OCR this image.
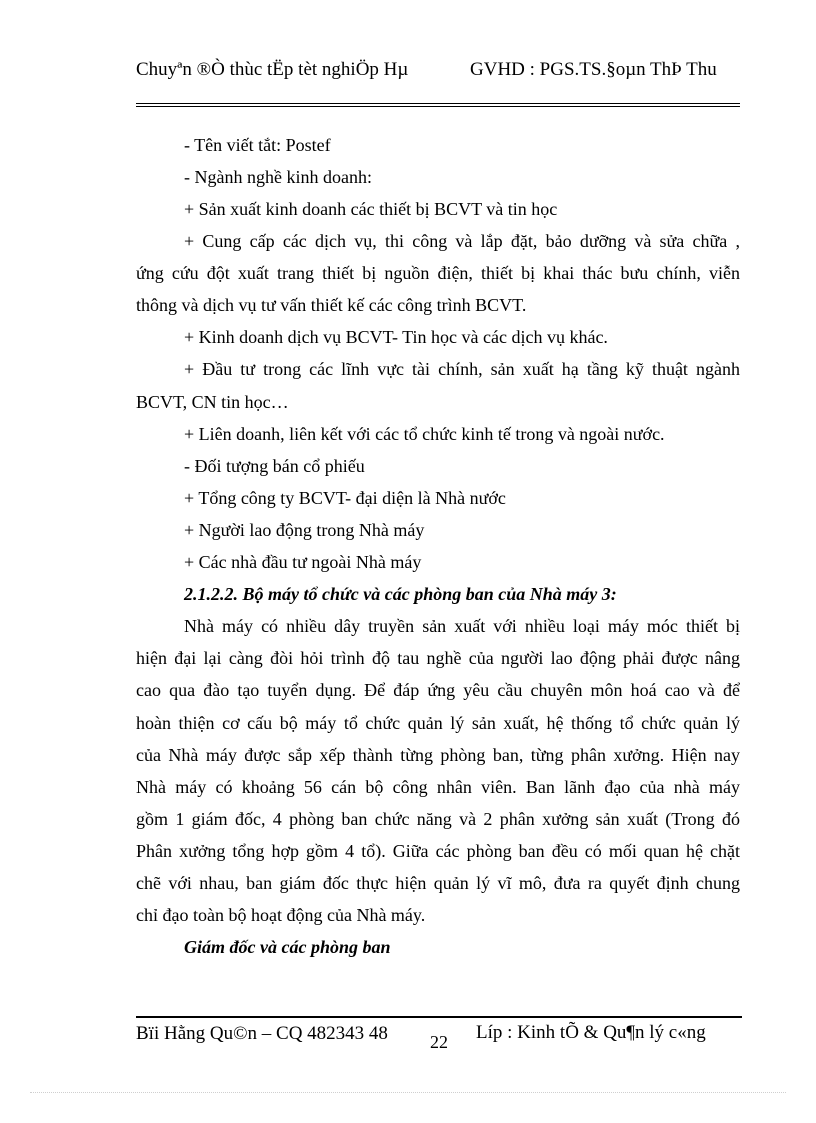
Chuyªn ®Ò thùc tËp tèt nghiÖp Hµ	GVHD : PGS.TS.§oµn ThÞ Thu
- Tên viết tắt: Postef
- Ngành nghề kinh doanh:
+ Sản xuất kinh doanh các thiết bị BCVT và tin học
+ Cung cấp các dịch vụ, thi công và lắp đặt, bảo dưỡng và sửa chữa ,
ứng cứu đột xuất trang thiết bị nguồn điện, thiết bị khai thác bưu chính, viễn
thông và dịch vụ tư vấn thiết kế các công trình BCVT.
+ Kinh doanh dịch vụ BCVT- Tin học và các dịch vụ khác.
+ Đầu tư trong các lĩnh vực tài chính, sản xuất hạ tầng kỹ thuật ngành
BCVT, CN tin học…
+ Liên doanh, liên kết với các tổ chức kinh tế trong và ngoài nước.
- Đối tượng bán cổ phiếu
+ Tổng công ty BCVT- đại diện là Nhà nước
+ Người lao động trong Nhà máy
+ Các nhà đầu tư ngoài Nhà máy
2.1.2.2. Bộ máy tổ chức và các phòng ban của Nhà máy 3:
Nhà máy có nhiều dây truyền sản xuất với nhiều loại máy móc thiết bị
hiện đại lại càng đòi hỏi trình độ tau nghề của người lao động phải được nâng
cao qua đào tạo tuyển dụng. Để đáp ứng yêu cầu chuyên môn hoá cao và để
hoàn thiện cơ cấu bộ máy tổ chức quản lý sản xuất, hệ thống tổ chức quản lý
của Nhà máy được sắp xếp thành từng phòng ban, từng phân xưởng. Hiện nay
Nhà máy có khoảng 56 cán bộ công nhân viên. Ban lãnh đạo của nhà máy
gồm 1 giám đốc, 4 phòng ban chức năng và 2 phân xưởng sản xuất (Trong đó
Phân xưởng tổng hợp gồm 4 tổ). Giữa các phòng ban đều có mối quan hệ chặt
chẽ với nhau, ban giám đốc thực hiện quản lý vĩ mô, đưa ra quyết định chung
chỉ đạo toàn bộ hoạt động của Nhà máy.
Giám đốc và các phòng ban
Bïi Hằng Qu©n – CQ 482343 48	22 Líp : Kinh tÕ & Qu¶n lý c«ng
